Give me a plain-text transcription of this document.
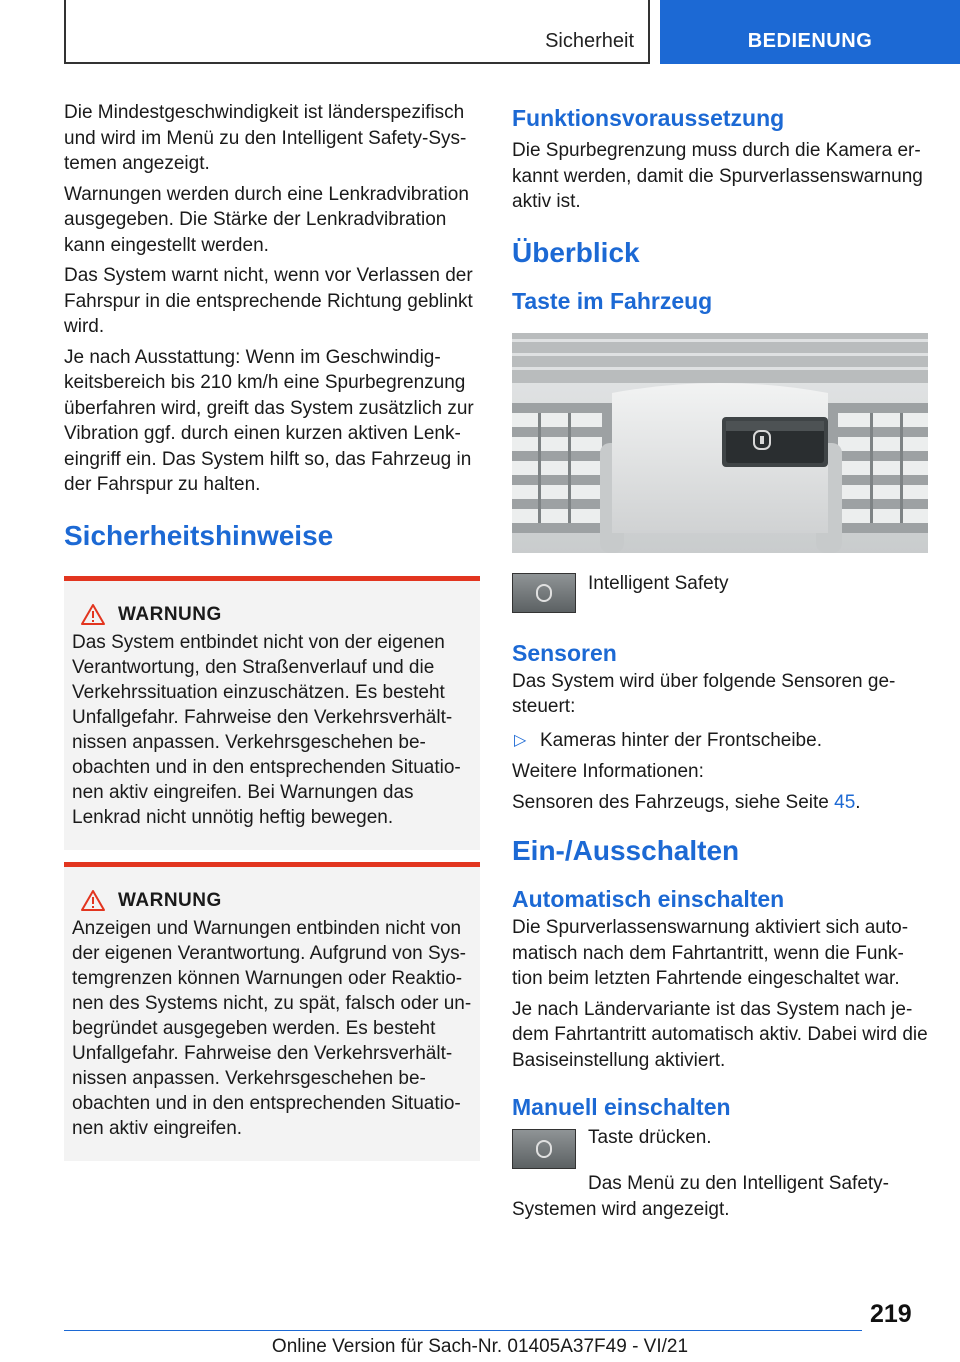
Sicherheit	BEDIENUNG

Die Mindestgeschwindigkeit ist länderspezifisch und wird im Menü zu den Intelligent Safety-Systemen angezeigt.

Warnungen werden durch eine Lenkradvibration ausgegeben. Die Stärke der Lenkradvibration kann eingestellt werden.

Das System warnt nicht, wenn vor Verlassen der Fahrspur in die entsprechende Richtung geblinkt wird.

Je nach Ausstattung: Wenn im Geschwindigkeitsbereich bis 210 km/h eine Spurbegrenzung überfahren wird, greift das System zusätzlich zur Vibration ggf. durch einen kurzen aktiven Lenkeingriff ein. Das System hilft so, das Fahrzeug in der Fahrspur zu halten.

Sicherheitshinweise
WARNUNG

Das System entbindet nicht von der eigenen Verantwortung, den Straßenverlauf und die Verkehrssituation einzuschätzen. Es besteht Unfallgefahr. Fahrweise den Verkehrsverhältnissen anpassen. Verkehrsgeschehen beobachten und in den entsprechenden Situationen aktiv eingreifen. Bei Warnungen das Lenkrad nicht unnötig heftig bewegen.

WARNUNG

Anzeigen und Warnungen entbinden nicht von der eigenen Verantwortung. Aufgrund von Systemgrenzen können Warnungen oder Reaktionen des Systems nicht, zu spät, falsch oder unbegründet ausgegeben werden. Es besteht Unfallgefahr. Fahrweise den Verkehrsverhältnissen anpassen. Verkehrsgeschehen beobachten und in den entsprechenden Situationen aktiv eingreifen.

Funktionsvoraussetzung

Die Spurbegrenzung muss durch die Kamera erkannt werden, damit die Spurverlassenswarnung aktiv ist.

Überblick
Taste im Fahrzeug
Intelligent Safety
Sensoren

Das System wird über folgende Sensoren gesteuert:

▷ Kameras hinter der Frontscheibe.

Weitere Informationen:

Sensoren des Fahrzeugs, siehe Seite 45.

Ein-/Ausschalten
Automatisch einschalten

Die Spurverlassenswarnung aktiviert sich automatisch nach dem Fahrtantritt, wenn die Funktion beim letzten Fahrtende eingeschaltet war.

Je nach Ländervariante ist das System nach jedem Fahrtantritt automatisch aktiv. Dabei wird die Basiseinstellung aktiviert.

Manuell einschalten
Taste drücken.

Das Menü zu den Intelligent Safety-Systemen wird angezeigt.

219
Online Version für Sach-Nr. 01405A37F49 - VI/21
